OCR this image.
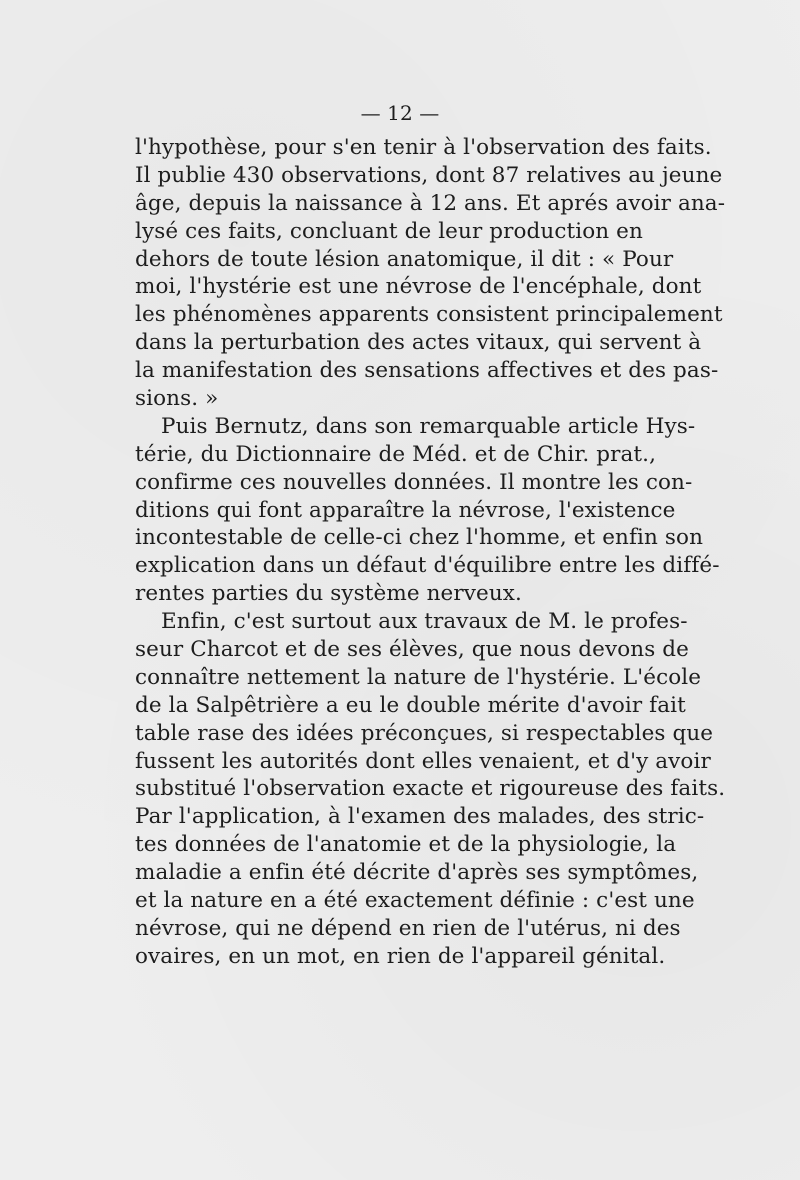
— 12 —
l'hypothèse, pour s'en tenir à l'observation des faits.
Il publie 430 observations, dont 87 relatives au jeune
âge, depuis la naissance à 12 ans. Et aprés avoir ana-
lysé ces faits, concluant de leur production en
dehors de toute lésion anatomique, il dit : « Pour
moi, l'hystérie est une névrose de l'encéphale, dont
les phénomènes apparents consistent principalement
dans la perturbation des actes vitaux, qui servent à
la manifestation des sensations affectives et des pas-
sions. »
Puis Bernutz, dans son remarquable article Hys-
térie, du Dictionnaire de Méd. et de Chir. prat.,
confirme ces nouvelles données. Il montre les con-
ditions qui font apparaître la névrose, l'existence
incontestable de celle-ci chez l'homme, et enfin son
explication dans un défaut d'équilibre entre les diffé-
rentes parties du système nerveux.
Enfin, c'est surtout aux travaux de M. le profes-
seur Charcot et de ses élèves, que nous devons de
connaître nettement la nature de l'hystérie. L'école
de la Salpêtrière a eu le double mérite d'avoir fait
table rase des idées préconçues, si respectables que
fussent les autorités dont elles venaient, et d'y avoir
substitué l'observation exacte et rigoureuse des faits.
Par l'application, à l'examen des malades, des stric-
tes données de l'anatomie et de la physiologie, la
maladie a enfin été décrite d'après ses symptômes,
et la nature en a été exactement définie : c'est une
névrose, qui ne dépend en rien de l'utérus, ni des
ovaires, en un mot, en rien de l'appareil génital.
